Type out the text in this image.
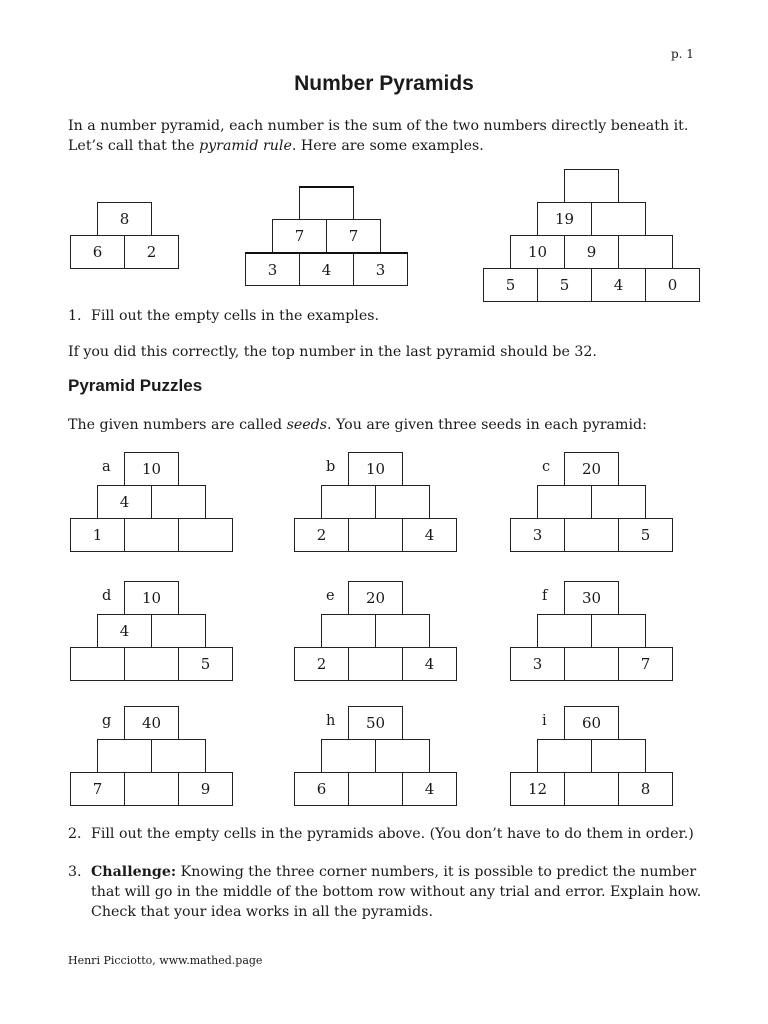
p. 1
Number Pyramids
In a number pyramid, each number is the sum of the two numbers directly beneath it. Let’s call that the pyramid rule. Here are some examples.
8
6	2
7	7
3	4	3
19
10	9
5	5	4	0
1. Fill out the empty cells in the examples.
If you did this correctly, the top number in the last pyramid should be 32.
Pyramid Puzzles
The given numbers are called seeds. You are given three seeds in each pyramid:
a	10
4
1
b	10
2	4
c	20
3	5
d	10
4
5
e	20
2	4
f	30
3	7
g	40
7	9
h	50
6	4
i	60
12	8
2. Fill out the empty cells in the pyramids above. (You don’t have to do them in order.)
3. Challenge: Knowing the three corner numbers, it is possible to predict the number that will go in the middle of the bottom row without any trial and error. Explain how. Check that your idea works in all the pyramids.
Henri Picciotto, www.mathed.page
